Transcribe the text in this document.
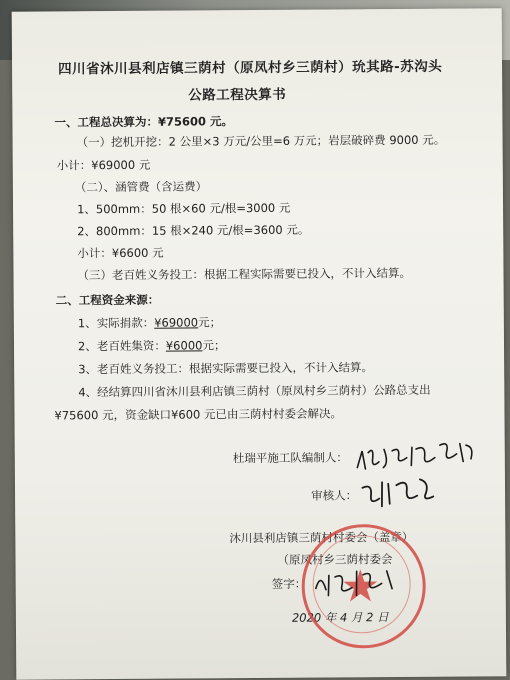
四川省沐川县利店镇三荫村（原凤村乡三荫村）玧其路-苏沟头
公路工程决算书
一、工程总决算为：¥75600 元。
（一）挖机开挖：2 公里×3 万元/公里=6 万元；岩层破碎费 9000 元。
小计：¥69000 元
（二）、涵管费（含运费）
1、500mm：50 根×60 元/根=3000 元
2、800mm：15 根×240 元/根=3600 元。
小计：¥6600 元
（三）老百姓义务投工：根据工程实际需要已投入，不计入结算。
二、工程资金来源：
1、实际捐款：¥69000元；
2、老百姓集资：¥6000元；
3、老百姓义务投工：根据实际需要已投入，不计入结算。
4、经结算四川省沐川县利店镇三荫村（原凤村乡三荫村）公路总支出
¥75600 元，资金缺口¥600 元已由三荫村村委会解决。
杜瑞平施工队编制人：
审核人：
沐川县利店镇三荫村村委会（盖章）
（原凤村乡三荫村委会
签字：
2020 年 4 月 2 日
★
